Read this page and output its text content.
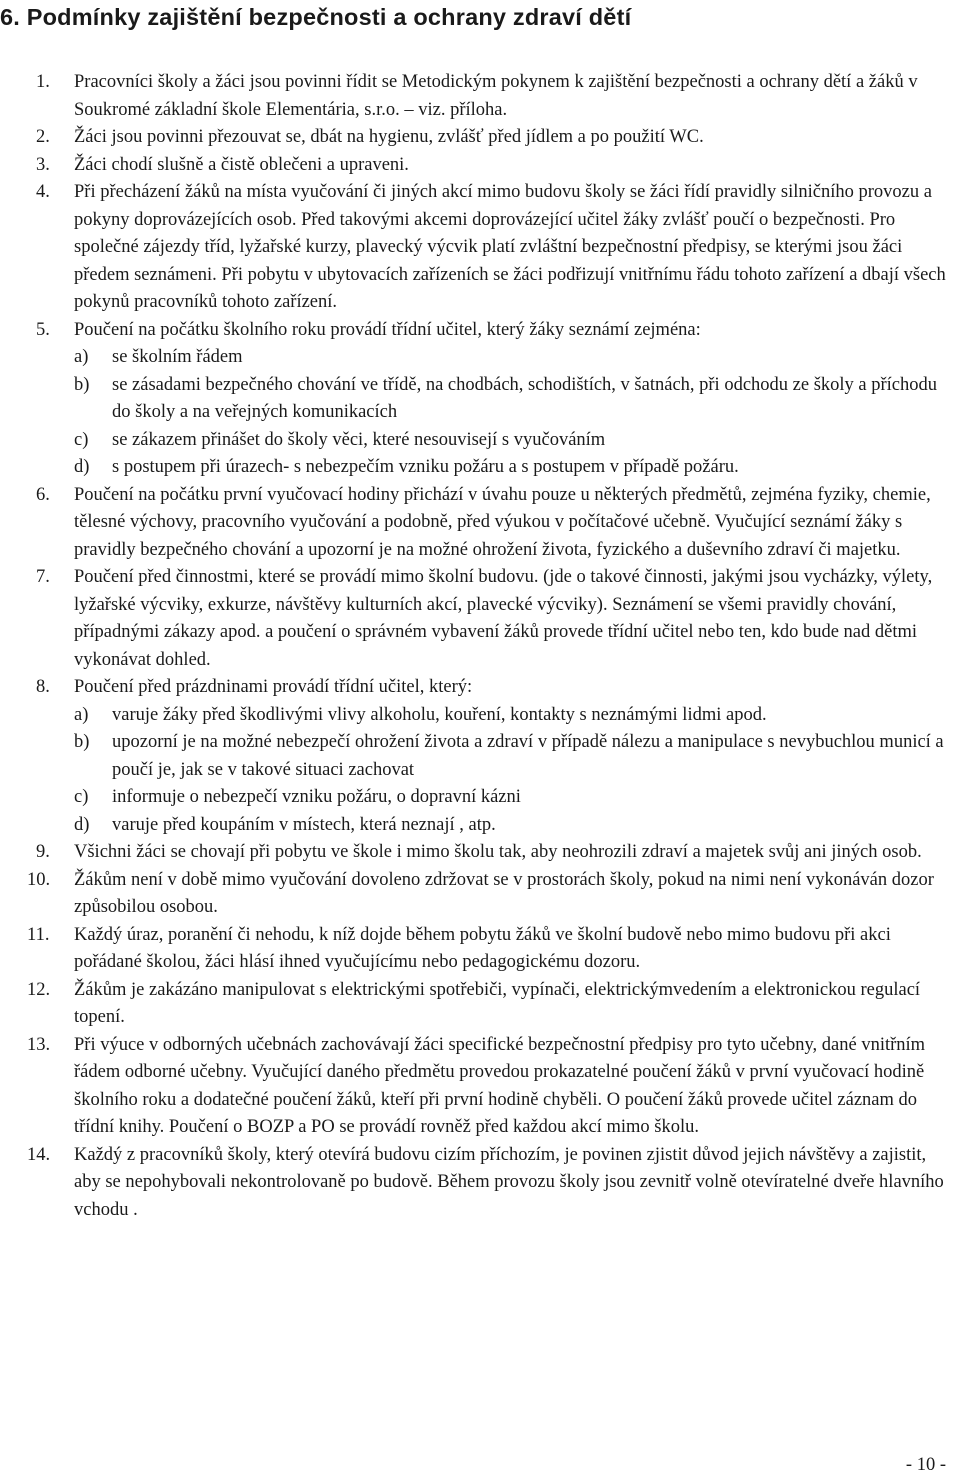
6. Podmínky zajištění bezpečnosti a ochrany zdraví dětí
1. Pracovníci školy a žáci jsou povinni řídit se Metodickým pokynem k zajištění bezpečnosti a ochrany dětí a žáků v Soukromé základní škole Elementária, s.r.o. – viz. příloha.
2. Žáci jsou povinni přezouvat se, dbát na hygienu, zvlášť před jídlem a po použití WC.
3. Žáci chodí slušně a čistě oblečeni a upraveni.
4. Při přecházení žáků na místa vyučování či jiných akcí mimo budovu školy se žáci řídí pravidly silničního provozu a pokyny doprovázejících osob. Před takovými akcemi doprovázející učitel žáky zvlášť poučí o bezpečnosti. Pro společné zájezdy tříd, lyžařské kurzy, plavecký výcvik platí zvláštní bezpečnostní předpisy, se kterými jsou žáci předem seznámeni. Při pobytu v ubytovacích zařízeních se žáci podřizují vnitřnímu řádu tohoto zařízení a dbají všech pokynů pracovníků tohoto zařízení.
5. Poučení na počátku školního roku provádí třídní učitel, který žáky seznámí zejména:
a) se školním řádem
b) se zásadami bezpečného chování ve třídě, na chodbách, schodištích, v šatnách, při odchodu ze školy a příchodu do školy a na veřejných komunikacích
c) se zákazem přinášet do školy věci, které nesouvisejí s vyučováním
d) s postupem při úrazech- s nebezpečím vzniku požáru a s postupem v případě požáru.
6. Poučení na počátku první vyučovací hodiny přichází v úvahu pouze u některých předmětů, zejména fyziky, chemie, tělesné výchovy, pracovního vyučování a podobně, před výukou v počítačové učebně. Vyučující seznámí žáky s pravidly bezpečného chování a upozorní je na možné ohrožení života, fyzického a duševního zdraví či majetku.
7. Poučení před činnostmi, které se provádí mimo školní budovu. (jde o takové činnosti, jakými jsou vycházky, výlety, lyžařské výcviky, exkurze, návštěvy kulturních akcí, plavecké výcviky). Seznámení se všemi pravidly chování, případnými zákazy apod. a poučení o správném vybavení žáků provede třídní učitel nebo ten, kdo bude nad dětmi vykonávat dohled.
8. Poučení před prázdninami provádí třídní učitel, který:
a) varuje žáky před škodlivými vlivy alkoholu, kouření, kontakty s neznámými lidmi apod.
b) upozorní je na možné nebezpečí ohrožení života a zdraví v případě nálezu a manipulace s nevybuchlou municí a poučí je, jak se v takové situaci zachovat
c) informuje o nebezpečí vzniku požáru, o dopravní kázni
d) varuje před koupáním v místech, která neznají , atp.
9. Všichni žáci se chovají při pobytu ve škole i mimo školu tak, aby neohrozili zdraví a majetek svůj ani jiných osob.
10. Žákům není v době mimo vyučování dovoleno zdržovat se v prostorách školy, pokud na nimi není vykonáván dozor způsobilou osobou.
11. Každý úraz, poranění či nehodu, k níž dojde během pobytu žáků ve školní budově nebo mimo budovu při akci pořádané školou, žáci hlásí ihned vyučujícímu nebo pedagogickému dozoru.
12. Žákům je zakázáno manipulovat s elektrickými spotřebiči, vypínači, elektrickýmvedením a elektronickou regulací topení.
13. Při výuce v odborných učebnách zachovávají žáci specifické bezpečnostní předpisy pro tyto učebny, dané vnitřním řádem odborné učebny. Vyučující daného předmětu provedou prokazatelné poučení žáků v první vyučovací hodině školního roku a dodatečné poučení žáků, kteří při první hodině chyběli. O poučení žáků provede učitel záznam do třídní knihy. Poučení o BOZP a PO se provádí rovněž před každou akcí mimo školu.
14. Každý z pracovníků školy, který otevírá budovu cizím příchozím, je povinen zjistit důvod jejich návštěvy a zajistit, aby se nepohybovali nekontrolovaně po budově. Během provozu školy jsou zevnitř volně otevíratelné dveře hlavního vchodu .
- 10 -
